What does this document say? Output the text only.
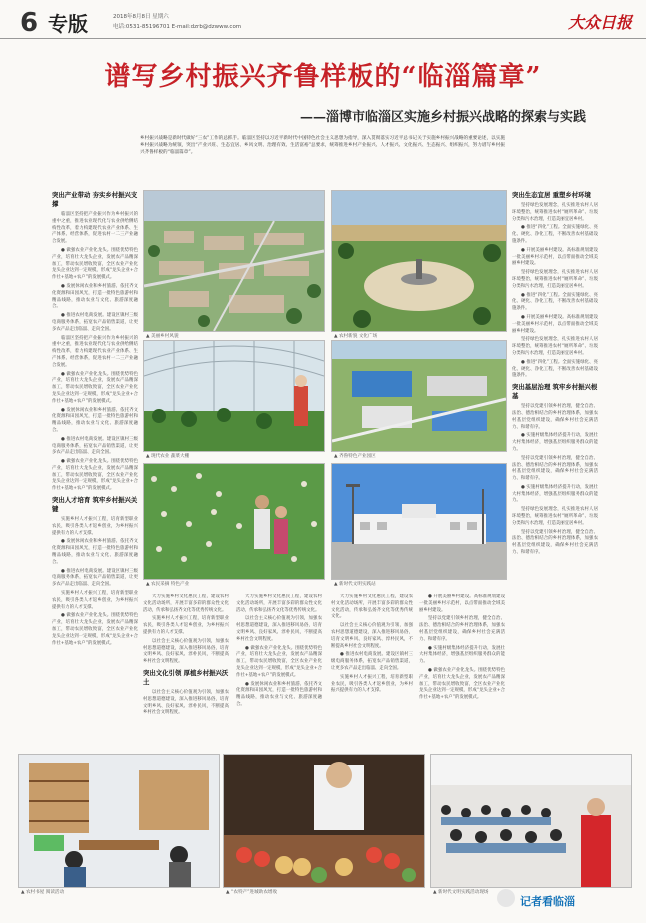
6 专版	2018年8月8日 星期六
电话:0531-85196701 E-mail:dzrb@dzwww.com	大众日报
谱写乡村振兴齐鲁样板的“临淄篇章”
——淄博市临淄区实施乡村振兴战略的探索与实践
乡村振兴战略是新时代做好“三农”工作的总抓手。临淄区坚持以习近平新时代中国特色社会主义思想为指导，深入贯彻落实习近平总书记关于实施乡村振兴战略的重要论述，以实施乡村振兴战略为统领，突出“产业兴旺、生态宜居、乡风文明、治理有效、生活富裕”总要求，统筹推进乡村产业振兴、人才振兴、文化振兴、生态振兴、组织振兴，努力谱写乡村振兴齐鲁样板的“临淄篇章”。
突出产业带动 夯实乡村振兴支撑

临淄区坚持把产业振兴作为乡村振兴的重中之重，推进农业现代化与农业供给侧结构性改革，着力构建现代农业产业体系、生产体系、经营体系，促进农村一二三产业融合发展。

● 做强农业产业化龙头。围绕优势特色产业，培育壮大龙头企业，发展农产品精深加工，带动农民增收致富，全区农业产业化龙头企业达到一定规模，形成“龙头企业+合作社+基地+农户”的发展模式。

● 发展休闲农业和乡村旅游。依托齐文化资源和田园风光，打造一批特色旅游村和精品线路，推动农业与文化、旅游深度融合。

● 推进农村电商发展。建设区镇村三级电商服务体系，拓宽农产品销售渠道，让更多农产品走出临淄、走向全国。

临淄区坚持把产业振兴作为乡村振兴的重中之重，推进农业现代化与农业供给侧结构性改革，着力构建现代农业产业体系、生产体系、经营体系，促进农村一二三产业融合发展。

● 做强农业产业化龙头。围绕优势特色产业，培育壮大龙头企业，发展农产品精深加工，带动农民增收致富，全区农业产业化龙头企业达到一定规模，形成“龙头企业+合作社+基地+农户”的发展模式。

● 发展休闲农业和乡村旅游。依托齐文化资源和田园风光，打造一批特色旅游村和精品线路，推动农业与文化、旅游深度融合。

● 推进农村电商发展。建设区镇村三级电商服务体系，拓宽农产品销售渠道，让更多农产品走出临淄、走向全国。

● 做强农业产业化龙头。围绕优势特色产业，培育壮大龙头企业，发展农产品精深加工，带动农民增收致富，全区农业产业化龙头企业达到一定规模，形成“龙头企业+合作社+基地+农户”的发展模式。

突出人才培育 筑牢乡村振兴关键

实施乡村人才振兴工程，培育新型职业农民，吸引各类人才返乡创业，为乡村振兴提供有力的人才支撑。

● 发展休闲农业和乡村旅游。依托齐文化资源和田园风光，打造一批特色旅游村和精品线路，推动农业与文化、旅游深度融合。

● 推进农村电商发展。建设区镇村三级电商服务体系，拓宽农产品销售渠道，让更多农产品走出临淄、走向全国。

实施乡村人才振兴工程，培育新型职业农民，吸引各类人才返乡创业，为乡村振兴提供有力的人才支撑。

● 做强农业产业化龙头。围绕优势特色产业，培育壮大龙头企业，发展农产品精深加工，带动农民增收致富，全区农业产业化龙头企业达到一定规模，形成“龙头企业+合作社+基地+农户”的发展模式。

▲ 美丽乡村风貌	▲ 农村新貌 文化广场
▲ 现代农业 蔬菜大棚	▲ 齐鲁特色产业园区
▲ 农民采摘 特色产业	▲ 新时代文明实践站

大力实施乡村文化惠民工程，建设农村文化活动场所，开展丰富多彩的群众性文化活动，传承和弘扬齐文化等优秀传统文化。

实施乡村人才振兴工程，培育新型职业农民，吸引各类人才返乡创业，为乡村振兴提供有力的人才支撑。

以社会主义核心价值观为引领，加强农村思想道德建设，深入推进移风易俗，培育文明乡风、良好家风、淳朴民风，不断提高乡村社会文明程度。

突出文化引领 厚植乡村振兴沃土

以社会主义核心价值观为引领，加强农村思想道德建设，深入推进移风易俗，培育文明乡风、良好家风、淳朴民风，不断提高乡村社会文明程度。

大力实施乡村文化惠民工程，建设农村文化活动场所，开展丰富多彩的群众性文化活动，传承和弘扬齐文化等优秀传统文化。

以社会主义核心价值观为引领，加强农村思想道德建设，深入推进移风易俗，培育文明乡风、良好家风、淳朴民风，不断提高乡村社会文明程度。

● 做强农业产业化龙头。围绕优势特色产业，培育壮大龙头企业，发展农产品精深加工，带动农民增收致富，全区农业产业化龙头企业达到一定规模，形成“龙头企业+合作社+基地+农户”的发展模式。

● 发展休闲农业和乡村旅游。依托齐文化资源和田园风光，打造一批特色旅游村和精品线路，推动农业与文化、旅游深度融合。

大力实施乡村文化惠民工程，建设农村文化活动场所，开展丰富多彩的群众性文化活动，传承和弘扬齐文化等优秀传统文化。

以社会主义核心价值观为引领，加强农村思想道德建设，深入推进移风易俗，培育文明乡风、良好家风、淳朴民风，不断提高乡村社会文明程度。

● 推进农村电商发展。建设区镇村三级电商服务体系，拓宽农产品销售渠道，让更多农产品走出临淄、走向全国。

实施乡村人才振兴工程，培育新型职业农民，吸引各类人才返乡创业，为乡村振兴提供有力的人才支撑。

● 开展美丽乡村建设。高标准规划建设一批美丽乡村示范村，以点带面推动全域美丽乡村建设。

坚持以党建引领乡村治理，健全自治、法治、德治相结合的乡村治理体系，加强农村基层党组织建设，确保乡村社会充满活力、和谐有序。

● 实施村级集体经济提升行动，发展壮大村集体经济，增强基层组织服务群众的能力。

● 做强农业产业化龙头。围绕优势特色产业，培育壮大龙头企业，发展农产品精深加工，带动农民增收致富，全区农业产业化龙头企业达到一定规模，形成“龙头企业+合作社+基地+农户”的发展模式。

突出生态宜居 重塑乡村环境

坚持绿色发展理念，扎实推进农村人居环境整治，统筹推进农村“厕所革命”、垃圾分类和污水治理，打造美丽宜居乡村。

● 推进“四化”工程。全面实施绿化、亮化、硬化、净化工程，不断改善农村基础设施条件。

● 开展美丽乡村建设。高标准规划建设一批美丽乡村示范村，以点带面推动全域美丽乡村建设。

坚持绿色发展理念，扎实推进农村人居环境整治，统筹推进农村“厕所革命”、垃圾分类和污水治理，打造美丽宜居乡村。

● 推进“四化”工程。全面实施绿化、亮化、硬化、净化工程，不断改善农村基础设施条件。

● 开展美丽乡村建设。高标准规划建设一批美丽乡村示范村，以点带面推动全域美丽乡村建设。

坚持绿色发展理念，扎实推进农村人居环境整治，统筹推进农村“厕所革命”、垃圾分类和污水治理，打造美丽宜居乡村。

● 推进“四化”工程。全面实施绿化、亮化、硬化、净化工程，不断改善农村基础设施条件。

突出基层治理 筑牢乡村振兴根基

坚持以党建引领乡村治理，健全自治、法治、德治相结合的乡村治理体系，加强农村基层党组织建设，确保乡村社会充满活力、和谐有序。

● 实施村级集体经济提升行动，发展壮大村集体经济，增强基层组织服务群众的能力。

坚持以党建引领乡村治理，健全自治、法治、德治相结合的乡村治理体系，加强农村基层党组织建设，确保乡村社会充满活力、和谐有序。

● 实施村级集体经济提升行动，发展壮大村集体经济，增强基层组织服务群众的能力。

坚持绿色发展理念，扎实推进农村人居环境整治，统筹推进农村“厕所革命”、垃圾分类和污水治理，打造美丽宜居乡村。

坚持以党建引领乡村治理，健全自治、法治、德治相结合的乡村治理体系，加强农村基层党组织建设，确保乡村社会充满活力、和谐有序。

▲ 农村书屋 阅读活动	▲ “农特产”进城助农增收	▲ 新时代文明实践活动现场
记者看临淄
